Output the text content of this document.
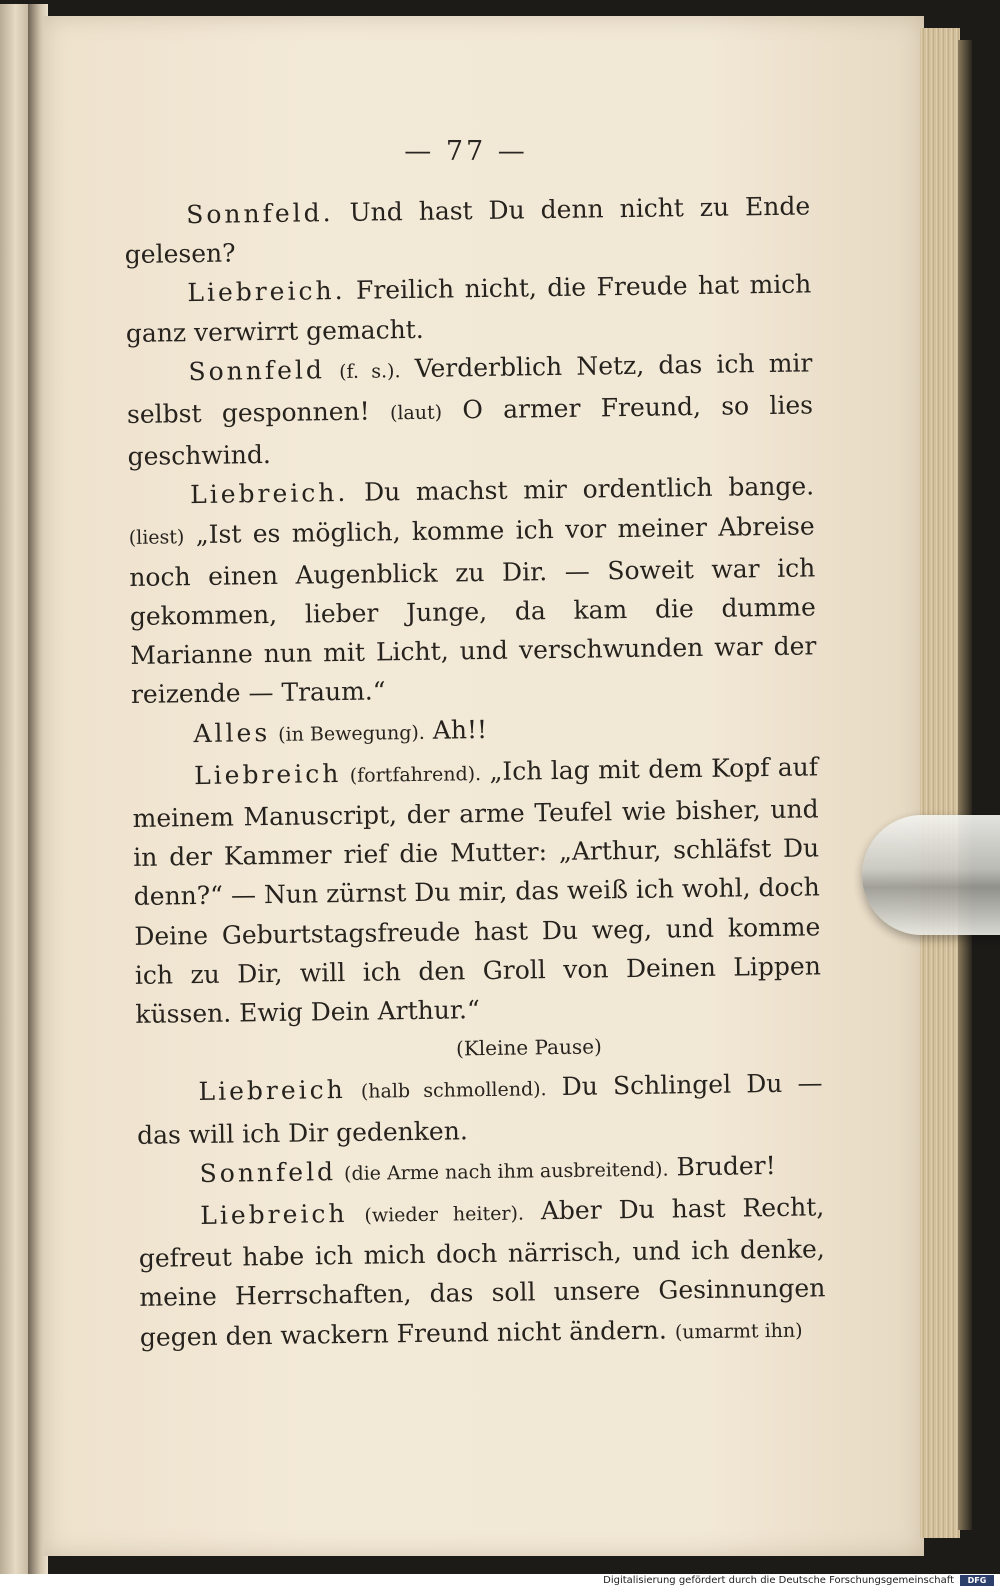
— 77 —

Sonnfeld. Und hast Du denn nicht zu Ende gelesen?

Liebreich. Freilich nicht, die Freude hat mich ganz verwirrt gemacht.

Sonnfeld (f. s.). Verderblich Netz, das ich mir selbst gesponnen! (laut) O armer Freund, so lies geschwind.

Liebreich. Du machst mir ordentlich bange. (liest) „Ist es möglich, komme ich vor meiner Abreise noch einen Augenblick zu Dir. — Soweit war ich gekommen, lieber Junge, da kam die dumme Marianne nun mit Licht, und verschwunden war der reizende — Traum.“

Alles (in Bewegung). Ah!!

Liebreich (fortfahrend). „Ich lag mit dem Kopf auf meinem Manuscript, der arme Teufel wie bisher, und in der Kammer rief die Mutter: „Arthur, schläfst Du denn?“ — Nun zürnst Du mir, das weiß ich wohl, doch Deine Geburtstagsfreude hast Du weg, und komme ich zu Dir, will ich den Groll von Deinen Lippen küssen. Ewig Dein Arthur.“

(Kleine Pause)

Liebreich (halb schmollend). Du Schlingel Du — das will ich Dir gedenken.

Sonnfeld (die Arme nach ihm ausbreitend). Bruder!

Liebreich (wieder heiter). Aber Du hast Recht, gefreut habe ich mich doch närrisch, und ich denke, meine Herrschaften, das soll unsere Gesinnungen gegen den wackern Freund nicht ändern. (umarmt ihn)

Digitalisierung gefördert durch die Deutsche Forschungsgemeinschaft	DFG
